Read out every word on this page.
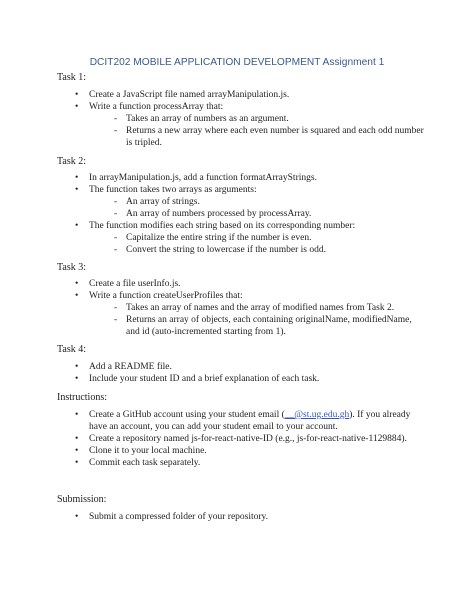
DCIT202 MOBILE APPLICATION DEVELOPMENT Assignment 1
Task 1:
• Create a JavaScript file named arrayManipulation.js.
• Write a function processArray that:
- Takes an array of numbers as an argument.
- Returns a new array where each even number is squared and each odd number is tripled.
Task 2:
• In arrayManipulation.js, add a function formatArrayStrings.
• The function takes two arrays as arguments:
- An array of strings.
- An array of numbers processed by processArray.
• The function modifies each string based on its corresponding number:
- Capitalize the entire string if the number is even.
- Convert the string to lowercase if the number is odd.
Task 3:
• Create a file userInfo.js.
• Write a function createUserProfiles that:
- Takes an array of names and the array of modified names from Task 2.
- Returns an array of objects, each containing originalName, modifiedName, and id (auto-incremented starting from 1).
Task 4:
• Add a README file.
• Include your student ID and a brief explanation of each task.
Instructions:
• Create a GitHub account using your student email (__@st.ug.edu.gh). If you already have an account, you can add your student email to your account.
• Create a repository named js-for-react-native-ID (e.g., js-for-react-native-1129884).
• Clone it to your local machine.
• Commit each task separately.
Submission:
• Submit a compressed folder of your repository.
